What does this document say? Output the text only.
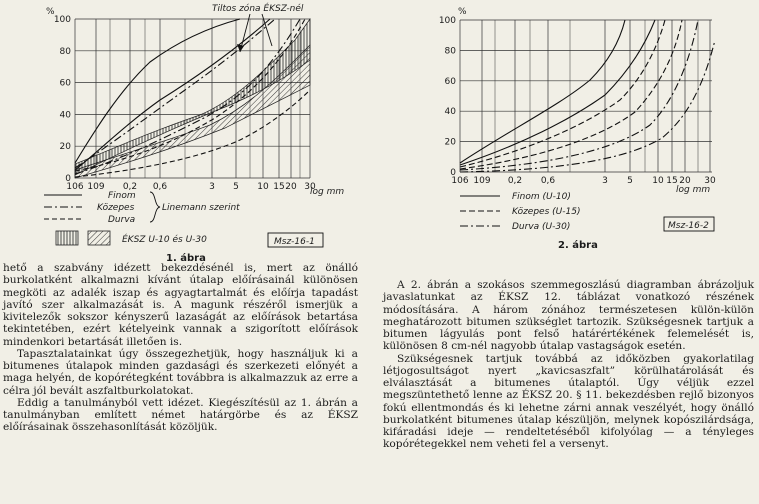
%
100
80
60
40
20
0
Tiltos zóna ÉKSZ-nél
106 109 0,2 0,6	3 5 10 15 20 30
log mm
Finom
Közepes
Durva
Linemann szerint
ÉKSZ U-10 és U-30	Msz-16-1
1. ábra
%
100
80
60
40
20
0
106 109 0,2 0,6	3 5 10 15 20 30
log mm
Finom (U-10)
Közepes (U-15)
Durva (U-30)	Msz-16-2
2. ábra

hető a szabvány idézett bekezdésénél is, mert az önálló burkolatként alkalmazni kívánt útalap előírásainál különösen megköti az adalék iszap és agyagtartalmát és előírja tapadást javító szer alkalmazását is. A magunk részéről ismerjük a kivitelezők sokszor kényszerű lazaságát az előírások betartása tekintetében, ezért kételyeink vannak a szigorított előírások mindenkori betartását illetően is.

Tapasztalatainkat úgy összegezhetjük, hogy használjuk ki a bitumenes útalapok minden gazdasági és szerkezeti előnyét a maga helyén, de kopórétegként továbbra is alkalmazzuk az erre a célra jól bevált aszfaltburkolatokat.

Eddig a tanulmányból vett idézet. Kiegészítésül az 1. ábrán a tanulmányban említett német határgörbe és az ÉKSZ előírásainak összehasonlítását közöljük.

A 2. ábrán a szokásos szemmegoszlású diagramban ábrázoljuk javaslatunkat az ÉKSZ 12. táblázat vonatkozó részének módosítására. A három zónához természetesen külön-külön meghatározott bitumen szükséglet tartozik. Szükségesnek tartjuk a bitumen lágyulás pont felső határértékének felemelését is, különösen 8 cm-nél nagyobb útalap vastagságok esetén.

Szükségesnek tartjuk továbbá az időközben gyakorlatilag létjogosultságot nyert „kavicsaszfalt” körülhatárolását és elválasztását a bitumenes útalaptól. Úgy véljük ezzel megszüntethető lenne az ÉKSZ 20. § 11. bekezdésben rejlő bizonyos fokú ellentmondás és ki lehetne zárni annak veszélyét, hogy önálló burkolatként bitumenes útalap készüljön, melynek kopószilárdsága, kifáradási ideje — rendeltetéséből kifolyólag — a tényleges kopórétegekkel nem veheti fel a versenyt.
